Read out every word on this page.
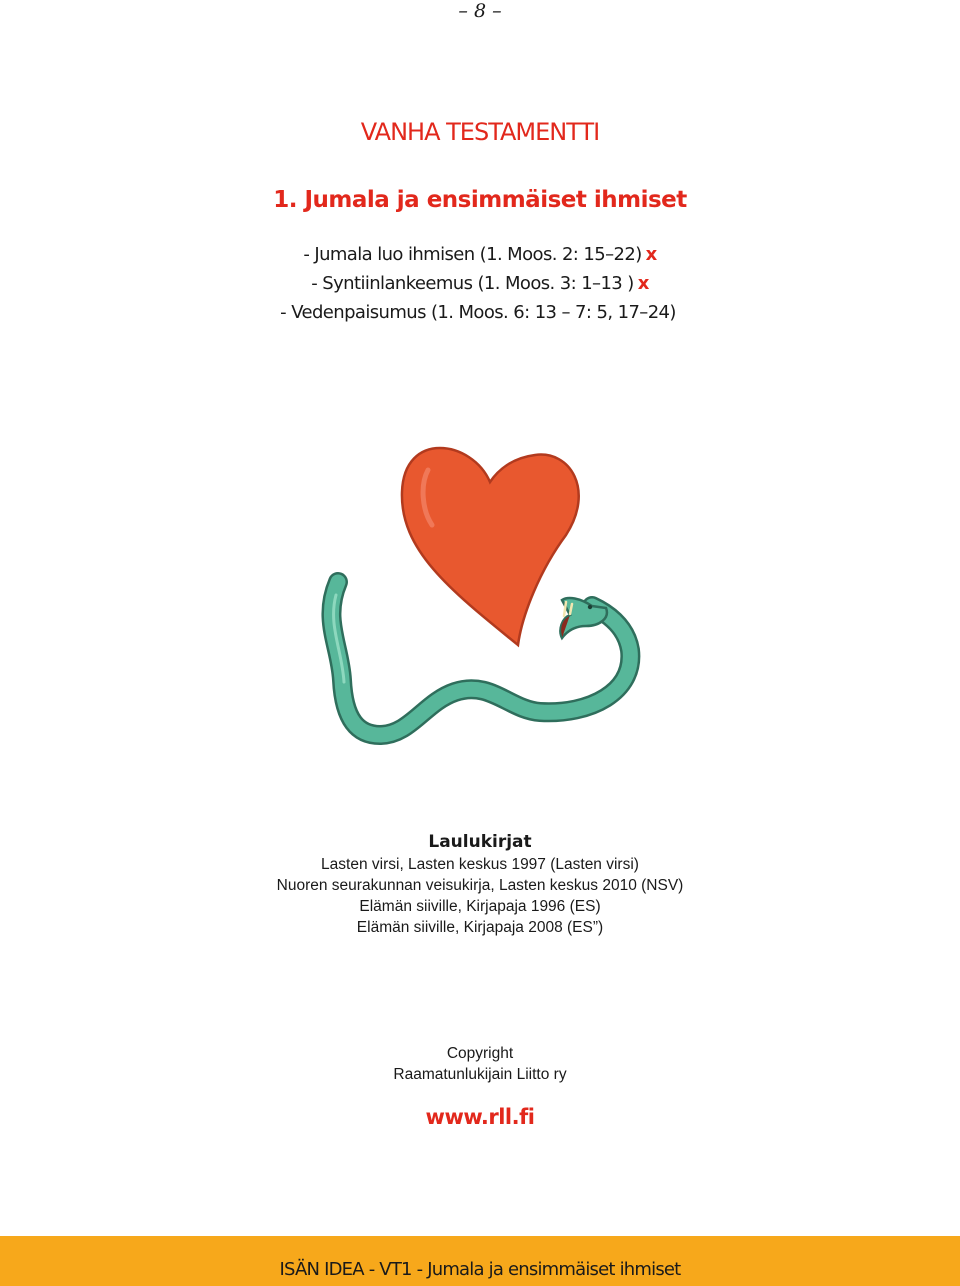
– 8 –
VANHA TESTAMENTTI
1. Jumala ja ensimmäiset ihmiset
- Jumala luo ihmisen (1. Moos. 2: 15–22) x
- Syntiinlankeemus (1. Moos. 3: 1–13 ) x
- Vedenpaisumus (1. Moos. 6: 13 – 7: 5, 17–24)
Laulukirjat
Lasten virsi, Lasten keskus 1997 (Lasten virsi)
Nuoren seurakunnan veisukirja, Lasten keskus 2010 (NSV)
Elämän siiville, Kirjapaja 1996 (ES)
Elämän siiville, Kirjapaja 2008 (ES”)
Copyright
Raamatunlukijain Liitto ry
www.rll.fi
ISÄN IDEA - VT1 - Jumala ja ensimmäiset ihmiset
